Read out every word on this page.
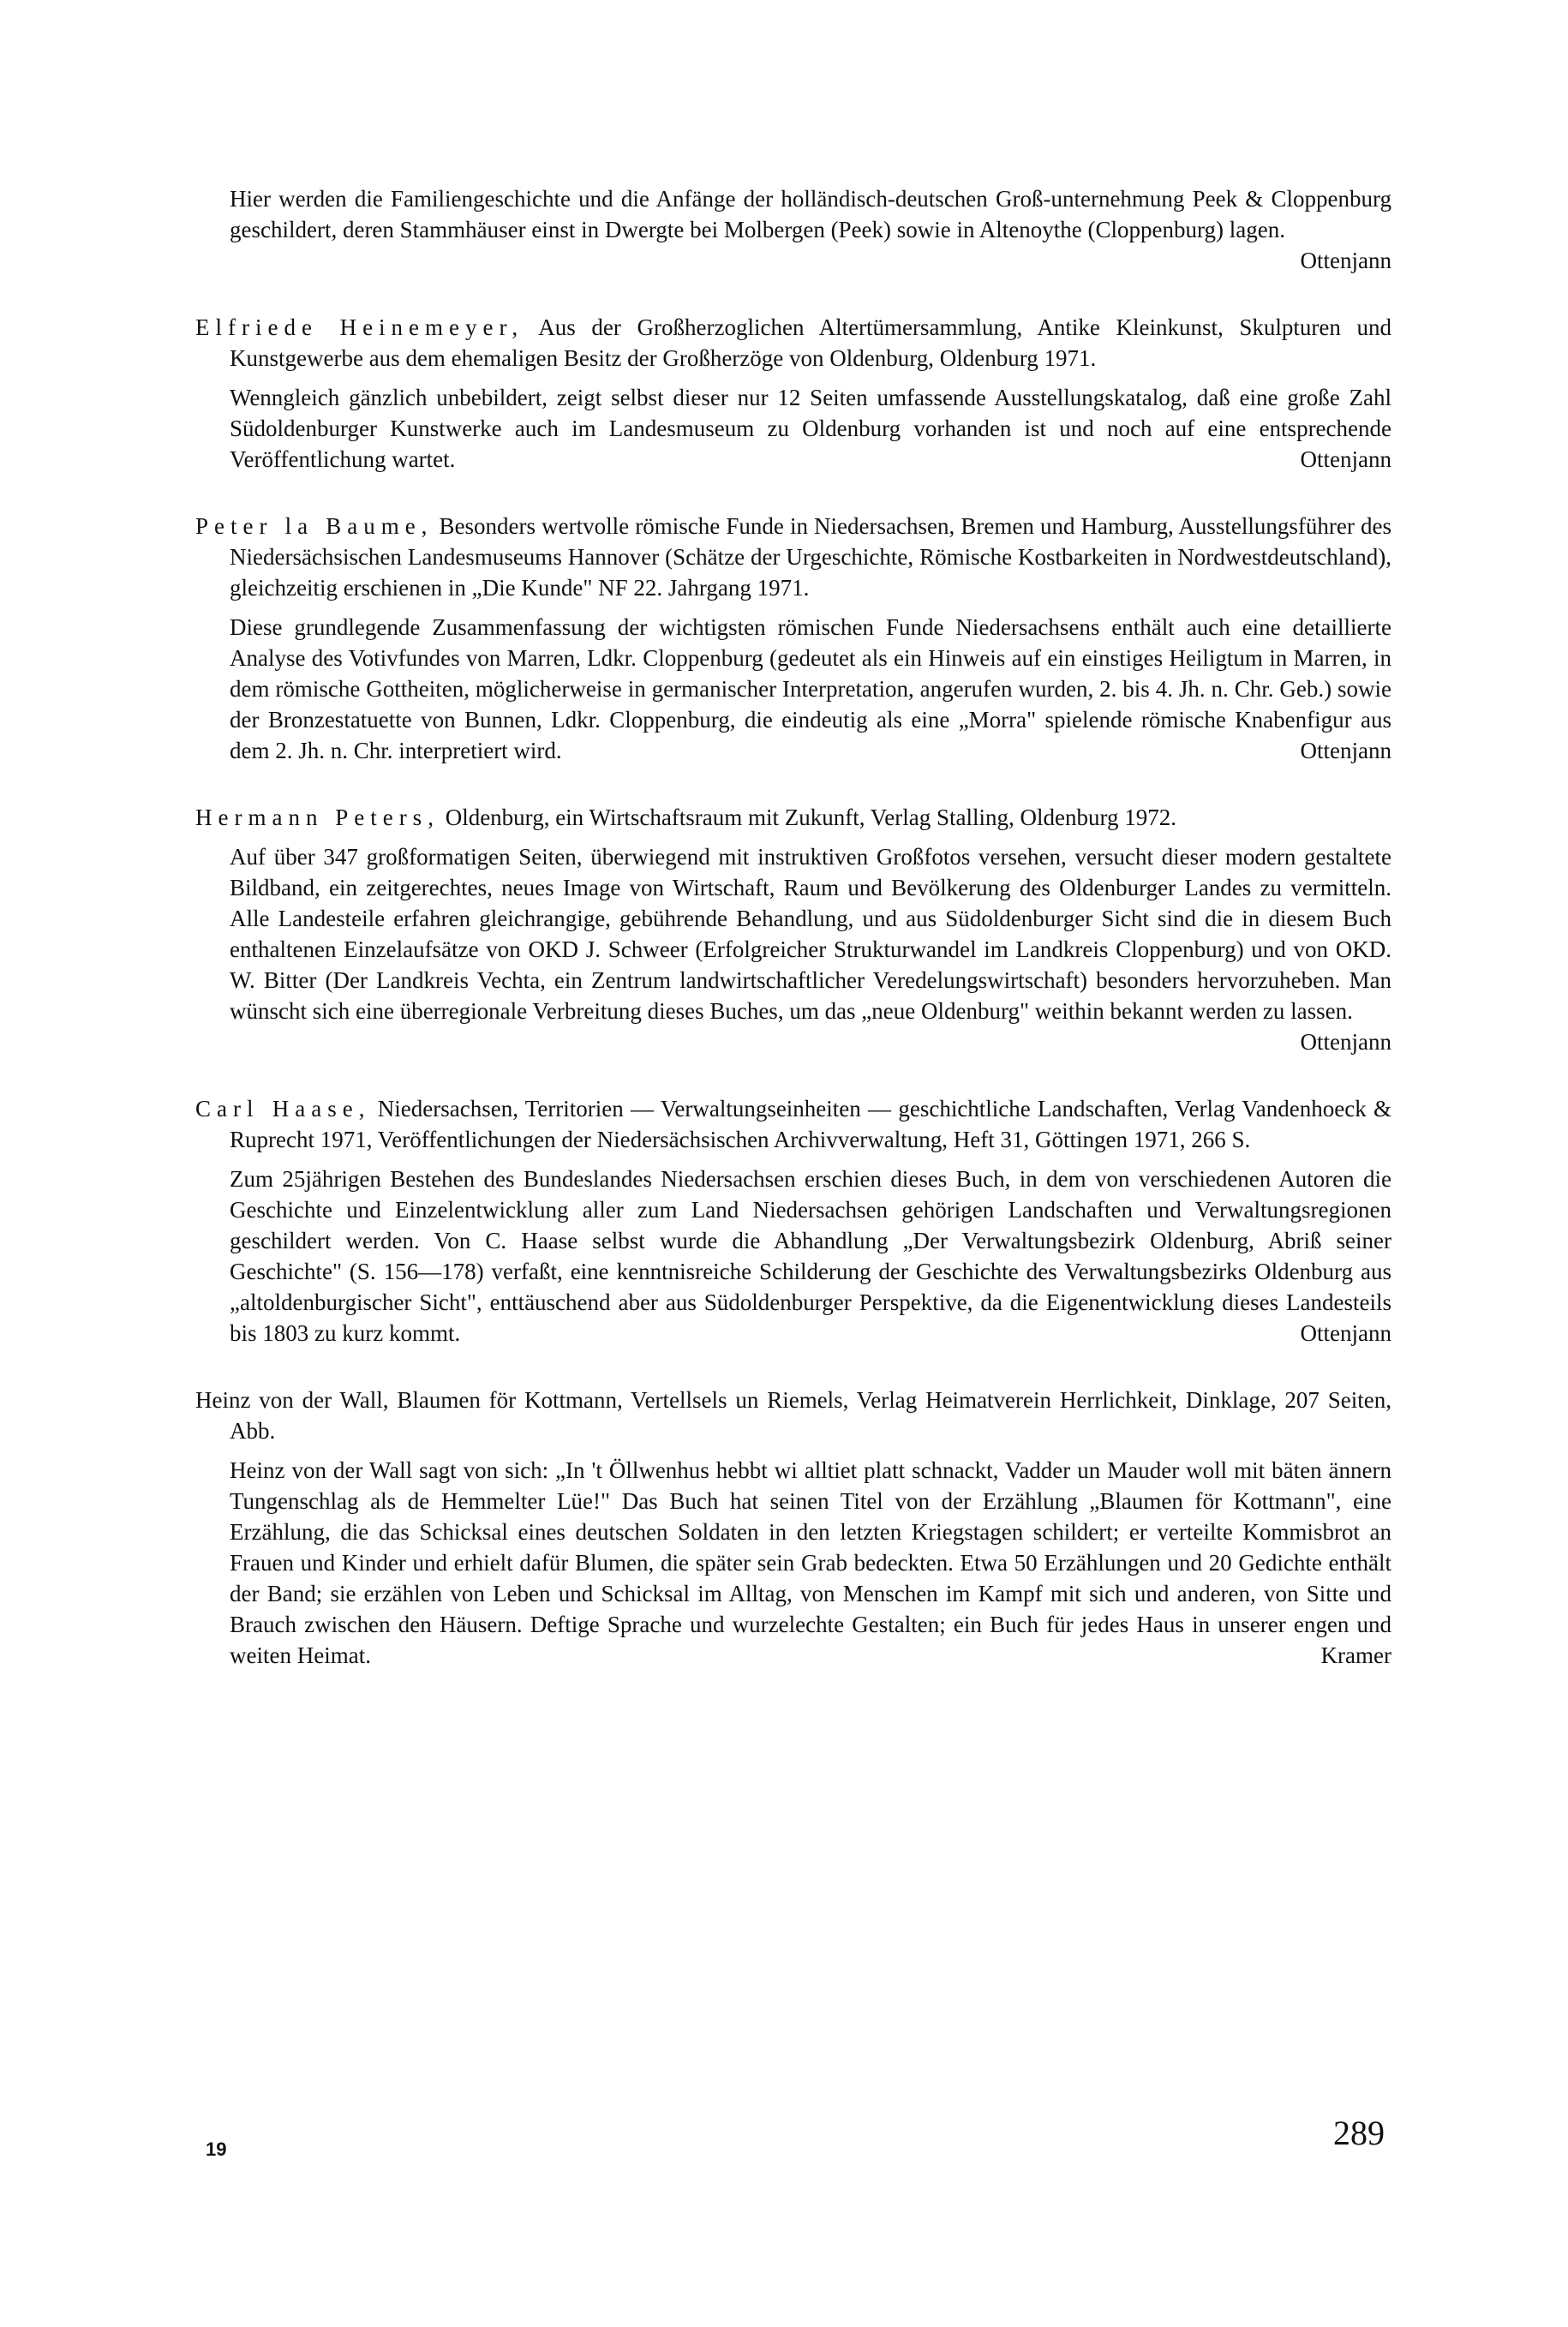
Hier werden die Familiengeschichte und die Anfänge der holländisch-deutschen Groß-unternehmung Peek & Cloppenburg geschildert, deren Stammhäuser einst in Dwergte bei Molbergen (Peek) sowie in Altenoythe (Cloppenburg) lagen.
Ottenjann
Elfriede Heinemeyer, Aus der Großherzoglichen Altertümersammlung, Antike Kleinkunst, Skulpturen und Kunstgewerbe aus dem ehemaligen Besitz der Großherzöge von Oldenburg, Oldenburg 1971.
Wenngleich gänzlich unbebildert, zeigt selbst dieser nur 12 Seiten umfassende Ausstellungskatalog, daß eine große Zahl Südoldenburger Kunstwerke auch im Landesmuseum zu Oldenburg vorhanden ist und noch auf eine entsprechende Veröffentlichung wartet.	Ottenjann
Peter la Baume, Besonders wertvolle römische Funde in Niedersachsen, Bremen und Hamburg, Ausstellungsführer des Niedersächsischen Landesmuseums Hannover (Schätze der Urgeschichte, Römische Kostbarkeiten in Nordwestdeutschland), gleichzeitig erschienen in „Die Kunde" NF 22. Jahrgang 1971.
Diese grundlegende Zusammenfassung der wichtigsten römischen Funde Niedersachsens enthält auch eine detaillierte Analyse des Votivfundes von Marren, Ldkr. Cloppenburg (gedeutet als ein Hinweis auf ein einstiges Heiligtum in Marren, in dem römische Gottheiten, möglicherweise in germanischer Interpretation, angerufen wurden, 2. bis 4. Jh. n. Chr. Geb.) sowie der Bronzestatuette von Bunnen, Ldkr. Cloppenburg, die eindeutig als eine „Morra" spielende römische Knabenfigur aus dem 2. Jh. n. Chr. interpretiert wird.	Ottenjann
Hermann Peters, Oldenburg, ein Wirtschaftsraum mit Zukunft, Verlag Stalling, Oldenburg 1972.
Auf über 347 großformatigen Seiten, überwiegend mit instruktiven Großfotos versehen, versucht dieser modern gestaltete Bildband, ein zeitgerechtes, neues Image von Wirtschaft, Raum und Bevölkerung des Oldenburger Landes zu vermitteln. Alle Landesteile erfahren gleichrangige, gebührende Behandlung, und aus Südoldenburger Sicht sind die in diesem Buch enthaltenen Einzelaufsätze von OKD J. Schweer (Erfolgreicher Strukturwandel im Landkreis Cloppenburg) und von OKD. W. Bitter (Der Landkreis Vechta, ein Zentrum landwirtschaftlicher Veredelungswirtschaft) besonders hervorzuheben. Man wünscht sich eine überregionale Verbreitung dieses Buches, um das „neue Oldenburg" weithin bekannt werden zu lassen.
Ottenjann
Carl Haase, Niedersachsen, Territorien — Verwaltungseinheiten — geschichtliche Landschaften, Verlag Vandenhoeck & Ruprecht 1971, Veröffentlichungen der Niedersächsischen Archivverwaltung, Heft 31, Göttingen 1971, 266 S.
Zum 25jährigen Bestehen des Bundeslandes Niedersachsen erschien dieses Buch, in dem von verschiedenen Autoren die Geschichte und Einzelentwicklung aller zum Land Niedersachsen gehörigen Landschaften und Verwaltungsregionen geschildert werden. Von C. Haase selbst wurde die Abhandlung „Der Verwaltungsbezirk Oldenburg, Abriß seiner Geschichte" (S. 156—178) verfaßt, eine kenntnisreiche Schilderung der Geschichte des Verwaltungsbezirks Oldenburg aus „altoldenburgischer Sicht", enttäuschend aber aus Südoldenburger Perspektive, da die Eigenentwicklung dieses Landesteils bis 1803 zu kurz kommt.	Ottenjann
Heinz von der Wall, Blaumen för Kottmann, Vertellsels un Riemels, Verlag Heimatverein Herrlichkeit, Dinklage, 207 Seiten, Abb.
Heinz von der Wall sagt von sich: „In 't Öllwenhus hebbt wi alltiet platt schnackt, Vadder un Mauder woll mit bäten ännern Tungenschlag als de Hemmelter Lüe!" Das Buch hat seinen Titel von der Erzählung „Blaumen för Kottmann", eine Erzählung, die das Schicksal eines deutschen Soldaten in den letzten Kriegstagen schildert; er verteilte Kommisbrot an Frauen und Kinder und erhielt dafür Blumen, die später sein Grab bedeckten. Etwa 50 Erzählungen und 20 Gedichte enthält der Band; sie erzählen von Leben und Schicksal im Alltag, von Menschen im Kampf mit sich und anderen, von Sitte und Brauch zwischen den Häusern. Deftige Sprache und wurzelechte Gestalten; ein Buch für jedes Haus in unserer engen und weiten Heimat.	Kramer
19	289
